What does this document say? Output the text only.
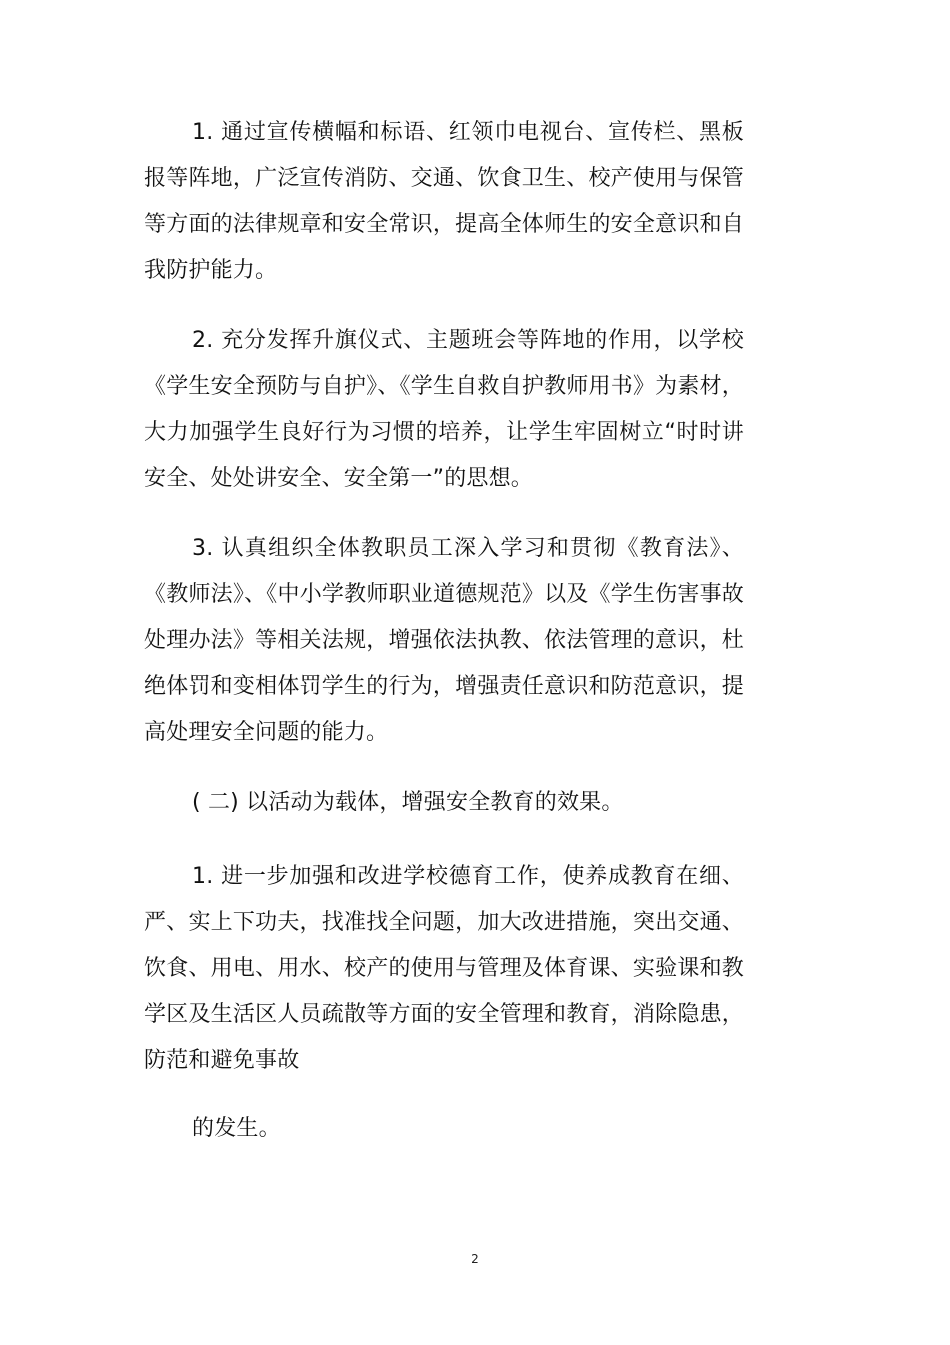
1. 通过宣传横幅和标语、红领巾电视台、宣传栏、黑板报等阵地，广泛宣传消防、交通、饮食卫生、校产使用与保管等方面的法律规章和安全常识，提高全体师生的安全意识和自我防护能力。

2. 充分发挥升旗仪式、主题班会等阵地的作用，以学校《学生安全预防与自护》、《学生自救自护教师用书》为素材，大力加强学生良好行为习惯的培养，让学生牢固树立“时时讲安全、处处讲安全、安全第一”的思想。

3. 认真组织全体教职员工深入学习和贯彻《教育法》、《教师法》、《中小学教师职业道德规范》以及《学生伤害事故处理办法》等相关法规，增强依法执教、依法管理的意识，杜绝体罚和变相体罚学生的行为，增强责任意识和防范意识，提高处理安全问题的能力。

( 二) 以活动为载体，增强安全教育的效果。

1. 进一步加强和改进学校德育工作，使养成教育在细、严、实上下功夫，找准找全问题，加大改进措施，突出交通、饮食、用电、用水、校产的使用与管理及体育课、实验课和教学区及生活区人员疏散等方面的安全管理和教育，消除隐患，防范和避免事故

的发生。

2
